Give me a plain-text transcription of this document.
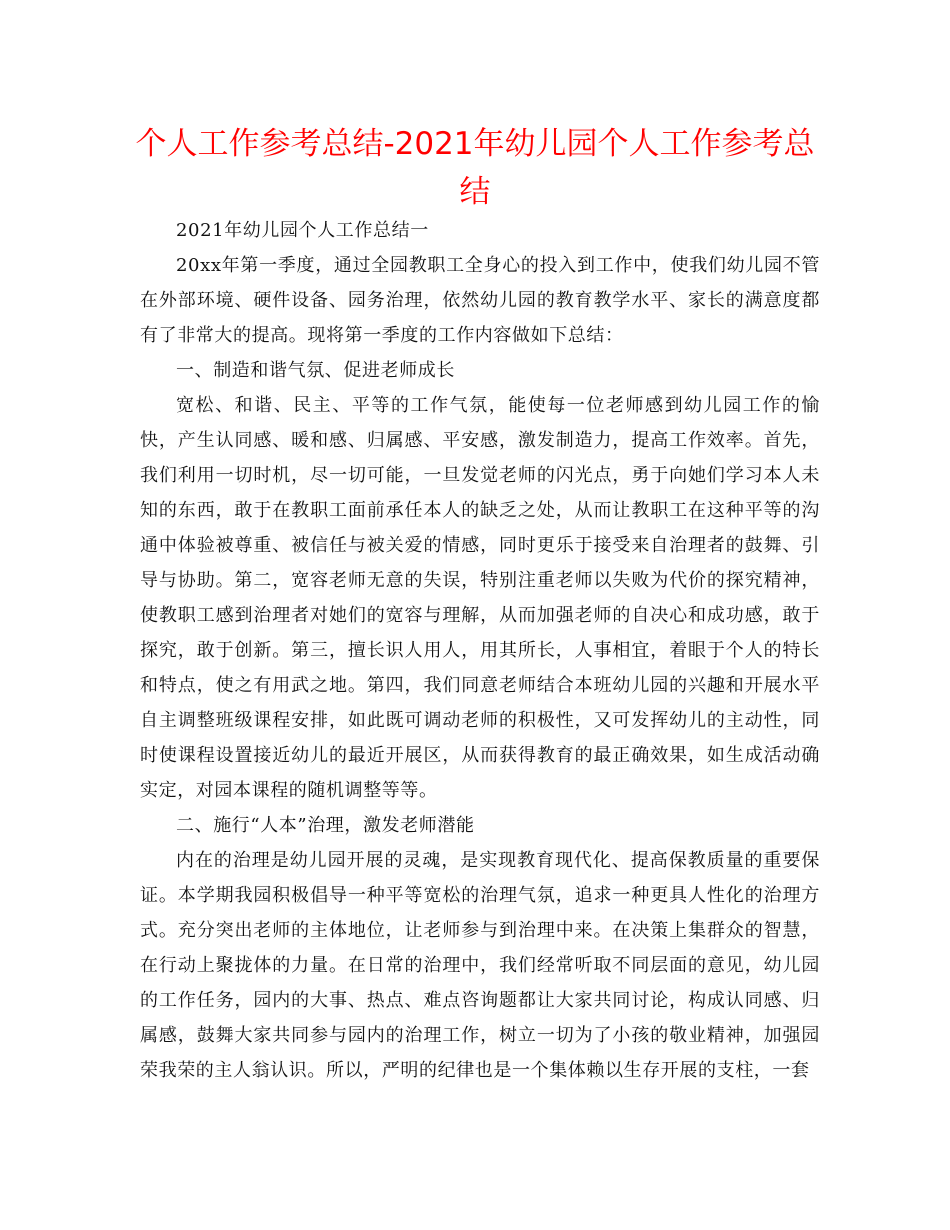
个人工作参考总结-2021年幼儿园个人工作参考总结

2021年幼儿园个人工作总结一

20xx年第一季度，通过全园教职工全身心的投入到工作中，使我们幼儿园不管在外部环境、硬件设备、园务治理，依然幼儿园的教育教学水平、家长的满意度都有了非常大的提高。现将第一季度的工作内容做如下总结：

一、制造和谐气氛、促进老师成长

宽松、和谐、民主、平等的工作气氛，能使每一位老师感到幼儿园工作的愉快，产生认同感、暖和感、归属感、平安感，激发制造力，提高工作效率。首先，我们利用一切时机，尽一切可能，一旦发觉老师的闪光点，勇于向她们学习本人未知的东西，敢于在教职工面前承任本人的缺乏之处，从而让教职工在这种平等的沟通中体验被尊重、被信任与被关爱的情感，同时更乐于接受来自治理者的鼓舞、引导与协助。第二，宽容老师无意的失误，特别注重老师以失败为代价的探究精神，使教职工感到治理者对她们的宽容与理解，从而加强老师的自决心和成功感，敢于探究，敢于创新。第三，擅长识人用人，用其所长，人事相宜，着眼于个人的特长和特点，使之有用武之地。第四，我们同意老师结合本班幼儿园的兴趣和开展水平自主调整班级课程安排，如此既可调动老师的积极性，又可发挥幼儿的主动性，同时使课程设置接近幼儿的最近开展区，从而获得教育的最正确效果，如生成活动确实定，对园本课程的随机调整等等。

二、施行“人本”治理，激发老师潜能

内在的治理是幼儿园开展的灵魂，是实现教育现代化、提高保教质量的重要保证。本学期我园积极倡导一种平等宽松的治理气氛，追求一种更具人性化的治理方式。充分突出老师的主体地位，让老师参与到治理中来。在决策上集群众的智慧，在行动上聚拢体的力量。在日常的治理中，我们经常听取不同层面的意见，幼儿园的工作任务，园内的大事、热点、难点咨询题都让大家共同讨论，构成认同感、归属感，鼓舞大家共同参与园内的治理工作，树立一切为了小孩的敬业精神，加强园荣我荣的主人翁认识。所以，严明的纪律也是一个集体赖以生存开展的支柱，一套
